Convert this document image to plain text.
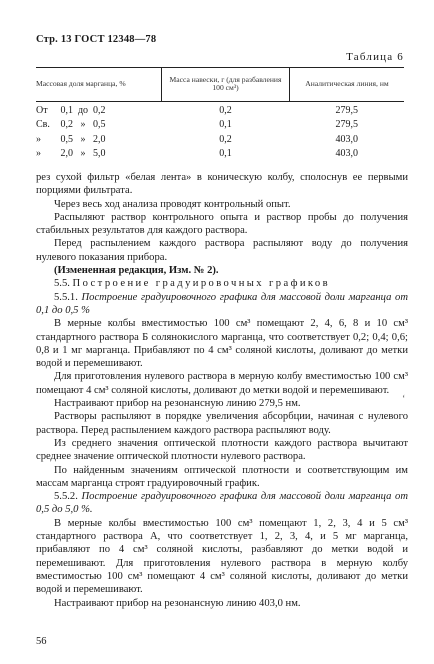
Стр. 13 ГОСТ 12348—78
Таблица 6
Массовая доля марганца, %	Масса навески, г (для разбавления 100 см³)	Аналитическая линия, нм
От 0,1 до 0,2	0,2	279,5
Св. 0,2 » 0,5	0,1	279,5
» 0,5 » 2,0	0,2	403,0
» 2,0 » 5,0	0,1	403,0

рез сухой фильтр «белая лента» в коническую колбу, сполоснув ее первыми порциями фильтрата.

Через весь ход анализа проводят контрольный опыт.

Распыляют раствор контрольного опыта и раствор пробы до получения стабильных результатов для каждого раствора.

Перед распылением каждого раствора распыляют воду до получения нулевого показания прибора.

(Измененная редакция, Изм. № 2).

5.5. Построение градуировочных графиков

5.5.1. Построение градуировочного графика для массовой доли марганца от 0,1 до 0,5 %

В мерные колбы вместимостью 100 см³ помещают 2, 4, 6, 8 и 10 см³ стандартного раствора Б солянокислого марганца, что соответствует 0,2; 0,4; 0,6; 0,8 и 1 мг марганца. Прибавляют по 4 см³ соляной кислоты, доливают до метки водой и перемешивают.

Для приготовления нулевого раствора в мерную колбу вместимостью 100 см³ помещают 4 см³ соляной кислоты, доливают до метки водой и перемешивают.

Настраивают прибор на резонансную линию 279,5 нм.

Растворы распыляют в порядке увеличения абсорбции, начиная с нулевого раствора. Перед распылением каждого раствора распыляют воду.

Из среднего значения оптической плотности каждого раствора вычитают среднее значение оптической плотности нулевого раствора.

По найденным значениям оптической плотности и соответствующим им массам марганца строят градуировочный график.

5.5.2. Построение градуировочного графика для массовой доли марганца от 0,5 до 5,0 %.

В мерные колбы вместимостью 100 см³ помещают 1, 2, 3, 4 и 5 см³ стандартного раствора А, что соответствует 1, 2, 3, 4, и 5 мг марганца, прибавляют по 4 см³ соляной кислоты, разбавляют до метки водой и перемешивают. Для приготовления нулевого раствора в мерную колбу вместимостью 100 см³ помещают 4 см³ соляной кислоты, доливают до метки водой и перемешивают.

Настраивают прибор на резонансную линию 403,0 нм.

ʻ
56
